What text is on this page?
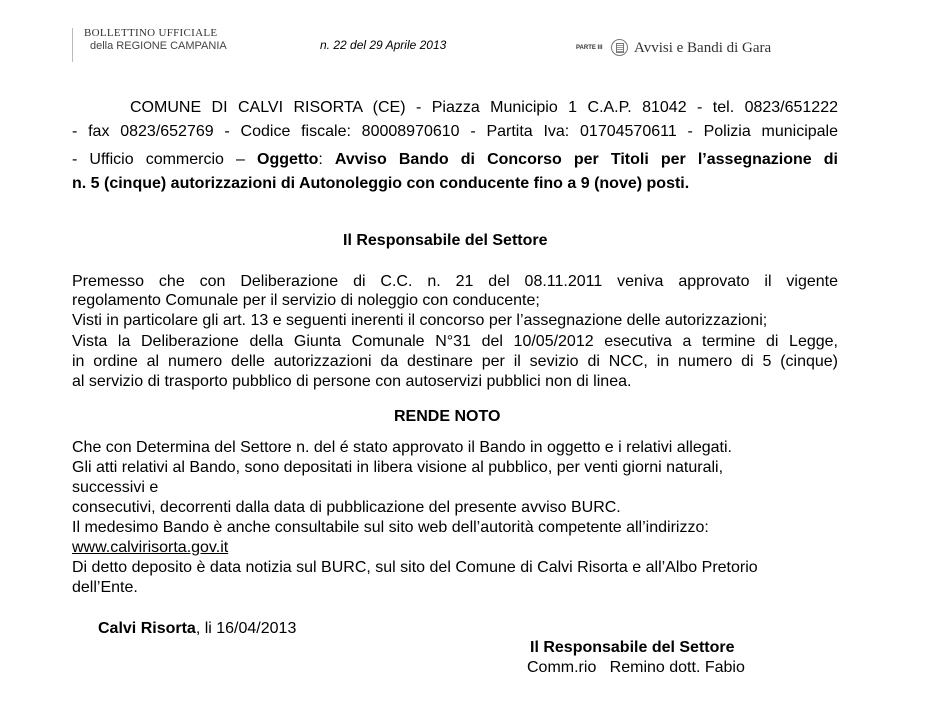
BOLLETTINO UFFICIALE
della REGIONE CAMPANIA	n. 22 del 29 Aprile 2013	PARTE III Avvisi e Bandi di Gara
COMUNE DI CALVI RISORTA (CE) - Piazza Municipio 1 C.A.P. 81042 - tel. 0823/651222
- fax 0823/652769 - Codice fiscale: 80008970610 - Partita Iva: 01704570611 - Polizia municipale
- Ufficio commercio – Oggetto: Avviso Bando di Concorso per Titoli per l’assegnazione di
n. 5 (cinque) autorizzazioni di Autonoleggio con conducente fino a 9 (nove) posti.
Il Responsabile del Settore
Premesso che con Deliberazione di C.C. n. 21 del 08.11.2011 veniva approvato il vigente
regolamento Comunale per il servizio di noleggio con conducente;
Visti in particolare gli art. 13 e seguenti inerenti il concorso per l’assegnazione delle autorizzazioni;
Vista la Deliberazione della Giunta Comunale N°31 del 10/05/2012 esecutiva a termine di Legge,
in ordine al numero delle autorizzazioni da destinare per il sevizio di NCC, in numero di 5 (cinque)
al servizio di trasporto pubblico di persone con autoservizi pubblici non di linea.
RENDE NOTO
Che con Determina del Settore n. del é stato approvato il Bando in oggetto e i relativi allegati.
Gli atti relativi al Bando, sono depositati in libera visione al pubblico, per venti giorni naturali,
successivi e
consecutivi, decorrenti dalla data di pubblicazione del presente avviso BURC.
Il medesimo Bando è anche consultabile sul sito web dell’autorità competente all’indirizzo:
www.calvirisorta.gov.it
Di detto deposito è data notizia sul BURC, sul sito del Comune di Calvi Risorta e all’Albo Pretorio
dell’Ente.
Calvi Risorta, li 16/04/2013
Il Responsabile del Settore
Comm.rio   Remino dott. Fabio
